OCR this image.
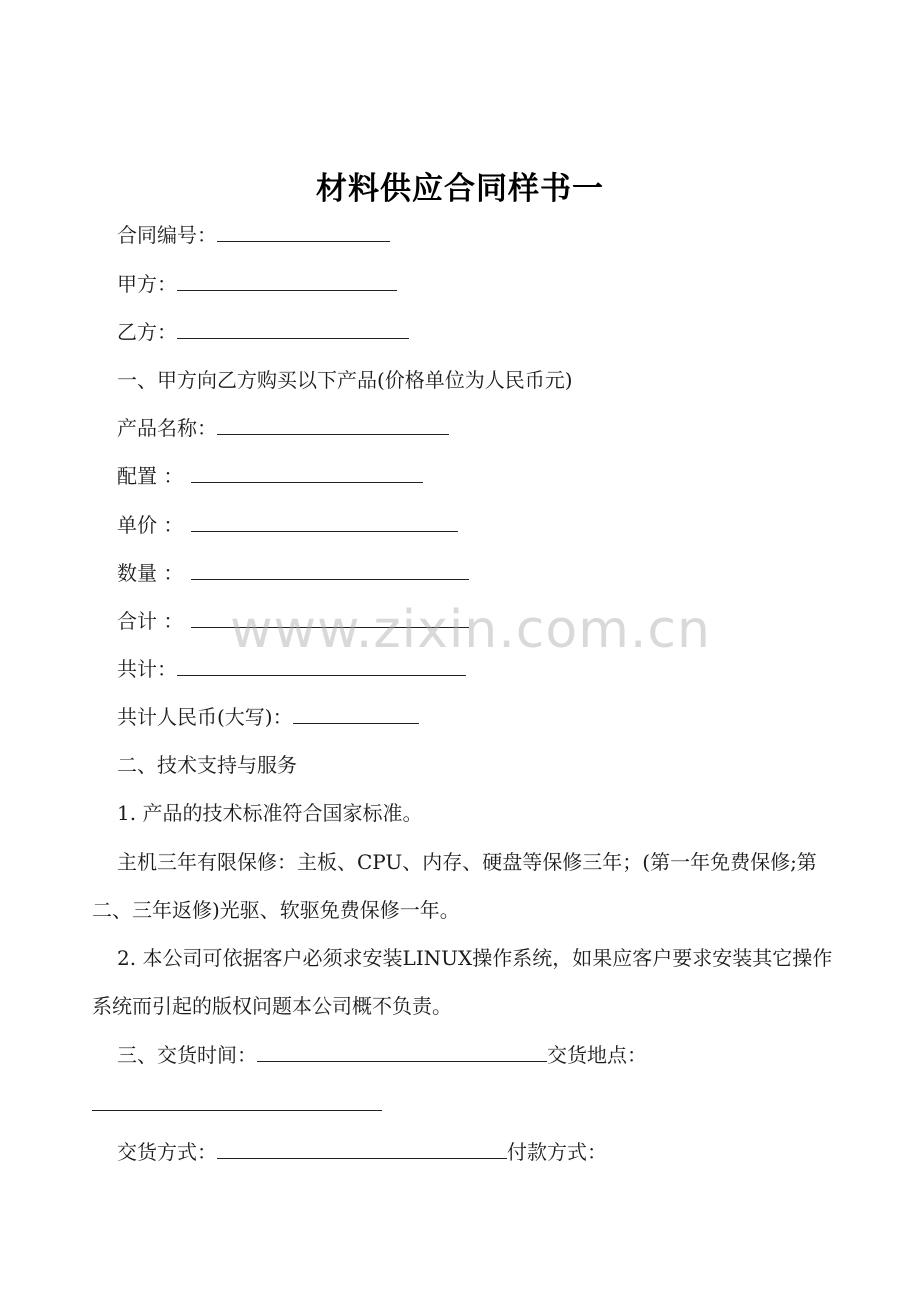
材料供应合同样书一
合同编号：
甲方：
乙方：
一、甲方向乙方购买以下产品(价格单位为人民币元)
产品名称：
配置 ：
单价 ：
数量 ：
合计 ：
共计：
共计人民币(大写)：
二、技术支持与服务
1. 产品的技术标准符合国家标准。
主机三年有限保修：主板、CPU、内存、硬盘等保修三年；(第一年免费保修;第二、三年返修)光驱、软驱免费保修一年。
2. 本公司可依据客户必须求安装LINUX操作系统，如果应客户要求安装其它操作系统而引起的版权问题本公司概不负责。
三、交货时间：	交货地点：
交货方式：	付款方式：
www.zixin.com.cn
